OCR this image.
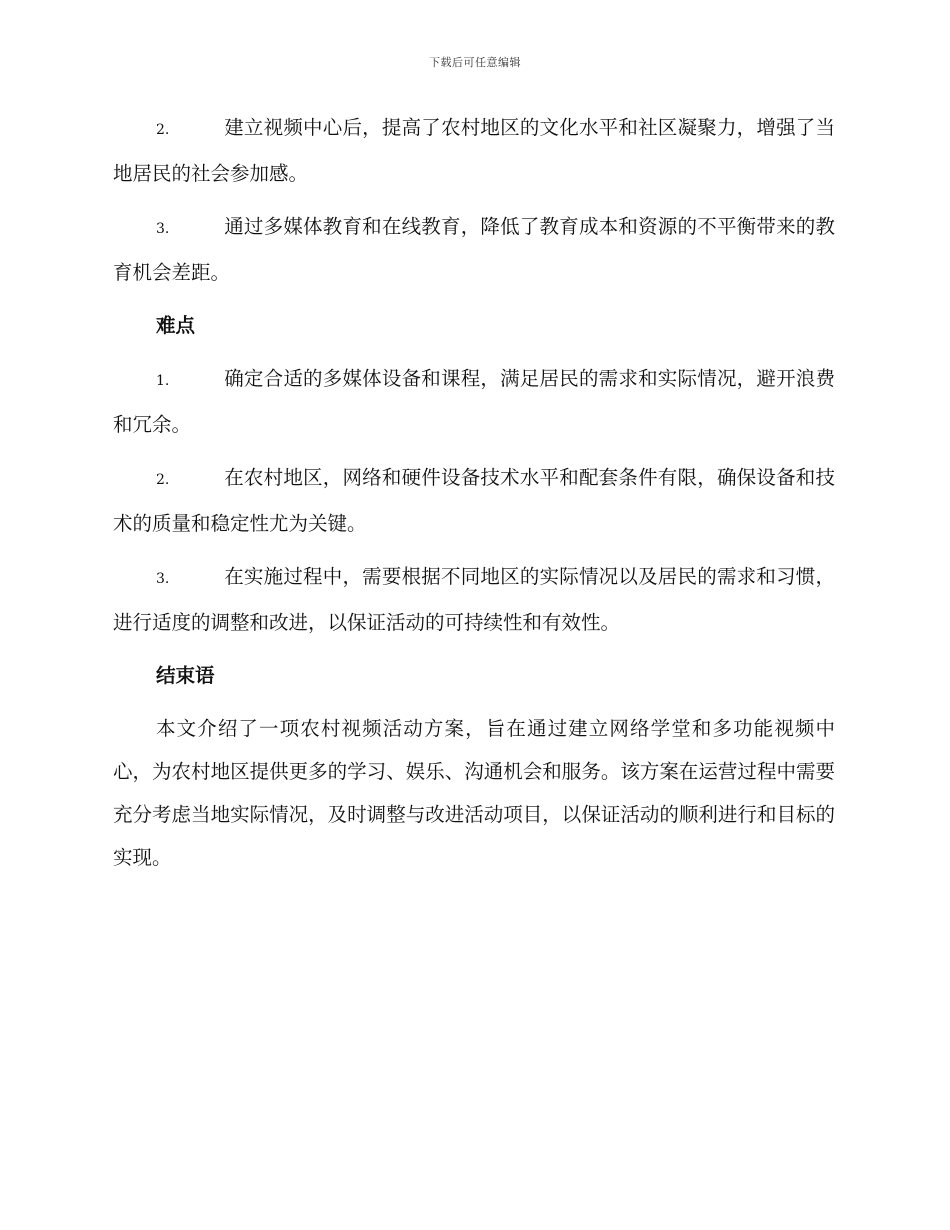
下载后可任意编辑

2.	建立视频中心后，提高了农村地区的文化水平和社区凝聚力，增强了当地居民的社会参加感。

3.	通过多媒体教育和在线教育，降低了教育成本和资源的不平衡带来的教育机会差距。

难点

1.	确定合适的多媒体设备和课程，满足居民的需求和实际情况，避开浪费和冗余。

2.	在农村地区，网络和硬件设备技术水平和配套条件有限，确保设备和技术的质量和稳定性尤为关键。

3.	在实施过程中，需要根据不同地区的实际情况以及居民的需求和习惯，进行适度的调整和改进，以保证活动的可持续性和有效性。

结束语

本文介绍了一项农村视频活动方案，旨在通过建立网络学堂和多功能视频中心，为农村地区提供更多的学习、娱乐、沟通机会和服务。该方案在运营过程中需要充分考虑当地实际情况，及时调整与改进活动项目，以保证活动的顺利进行和目标的实现。
